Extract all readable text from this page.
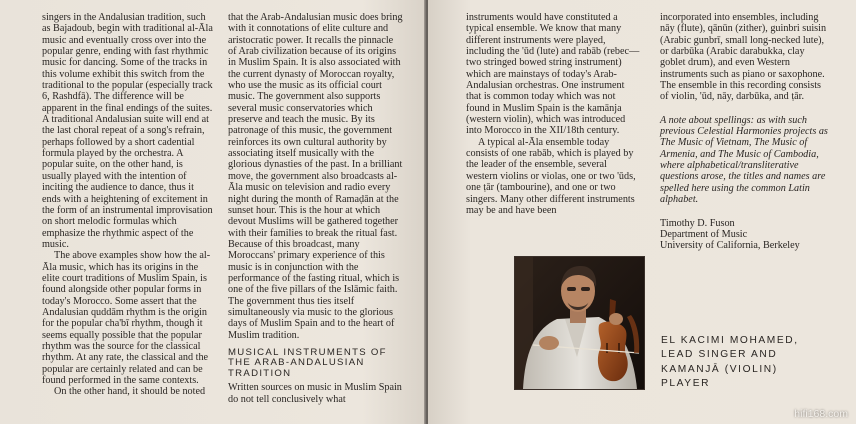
singers in the Andalusian tradition, such as Bajadoub, begin with traditional al-Āla music and eventually cross over into the popular genre, ending with fast rhythmic music for dancing. Some of the tracks in this volume exhibit this switch from the traditional to the popular (especially track 6, Rashdfā). The difference will be apparent in the final endings of the suites. A traditional Andalusian suite will end at the last choral repeat of a song's refrain, perhaps followed by a short cadential formula played by the orchestra. A popular suite, on the other hand, is usually played with the intention of inciting the audience to dance, thus it ends with a heightening of excitement in the form of an instrumental improvisation on short melodic formulas which emphasize the rhythmic aspect of the music.

The above examples show how the al-Āla music, which has its origins in the elite court traditions of Muslim Spain, is found alongside other popular forms in today's Morocco. Some assert that the Andalusian quddām rhythm is the origin for the popular cha'bī rhythm, though it seems equally possible that the popular rhythm was the source for the classical rhythm. At any rate, the classical and the popular are certainly related and can be found performed in the same contexts.

On the other hand, it should be noted

that the Arab-Andalusian music does bring with it connotations of elite culture and aristocratic power. It recalls the pinnacle of Arab civilization because of its origins in Muslim Spain. It is also associated with the current dynasty of Moroccan royalty, who use the music as its official court music. The government also supports several music conservatories which preserve and teach the music. By its patronage of this music, the government reinforces its own cultural authority by associating itself musically with the glorious dynasties of the past. In a brilliant move, the government also broadcasts al-Āla music on television and radio every night during the month of Ramaḍān at the sunset hour. This is the hour at which devout Muslims will be gathered together with their families to break the ritual fast. Because of this broadcast, many Moroccans' primary experience of this music is in conjunction with the performance of the fasting ritual, which is one of the five pillars of the Islāmic faith. The government thus ties itself simultaneously via music to the glorious days of Muslim Spain and to the heart of Muslim tradition.

MUSICAL INSTRUMENTS OF THE ARAB-ANDALUSIAN TRADITION

Written sources on music in Muslim Spain do not tell conclusively what

instruments would have constituted a typical ensemble. We know that many different instruments were played, including the 'ūd (lute) and rabāb (rebec—two stringed bowed string instrument) which are mainstays of today's Arab-Andalusian orchestras. One instrument that is common today which was not found in Muslim Spain is the kamānja (western violin), which was introduced into Morocco in the XII/18th century.

A typical al-Āla ensemble today consists of one rabāb, which is played by the leader of the ensemble, several western violins or violas, one or two 'ūds, one ṭār (tambourine), and one or two singers. Many other different instruments may be and have been

incorporated into ensembles, including nāy (flute), qānūn (zither), guinbri suisin (Arabic gunbrī, small long-necked lute), or darbūka (Arabic darabukka, clay goblet drum), and even Western instruments such as piano or saxophone. The ensemble in this recording consists of violin, 'ūd, nāy, darbūka, and ṭār.

A note about spellings: as with such previous Celestial Harmonies projects as The Music of Vietnam, The Music of Armenia, and The Music of Cambodia, where alphabetical/transliterative questions arose, the titles and names are spelled here using the common Latin alphabet.

Timothy D. Fuson
Department of Music
University of California, Berkeley
EL KACIMI MOHAMED,
LEAD SINGER AND
KAMANJĀ (VIOLIN)
PLAYER
hifi168.com
